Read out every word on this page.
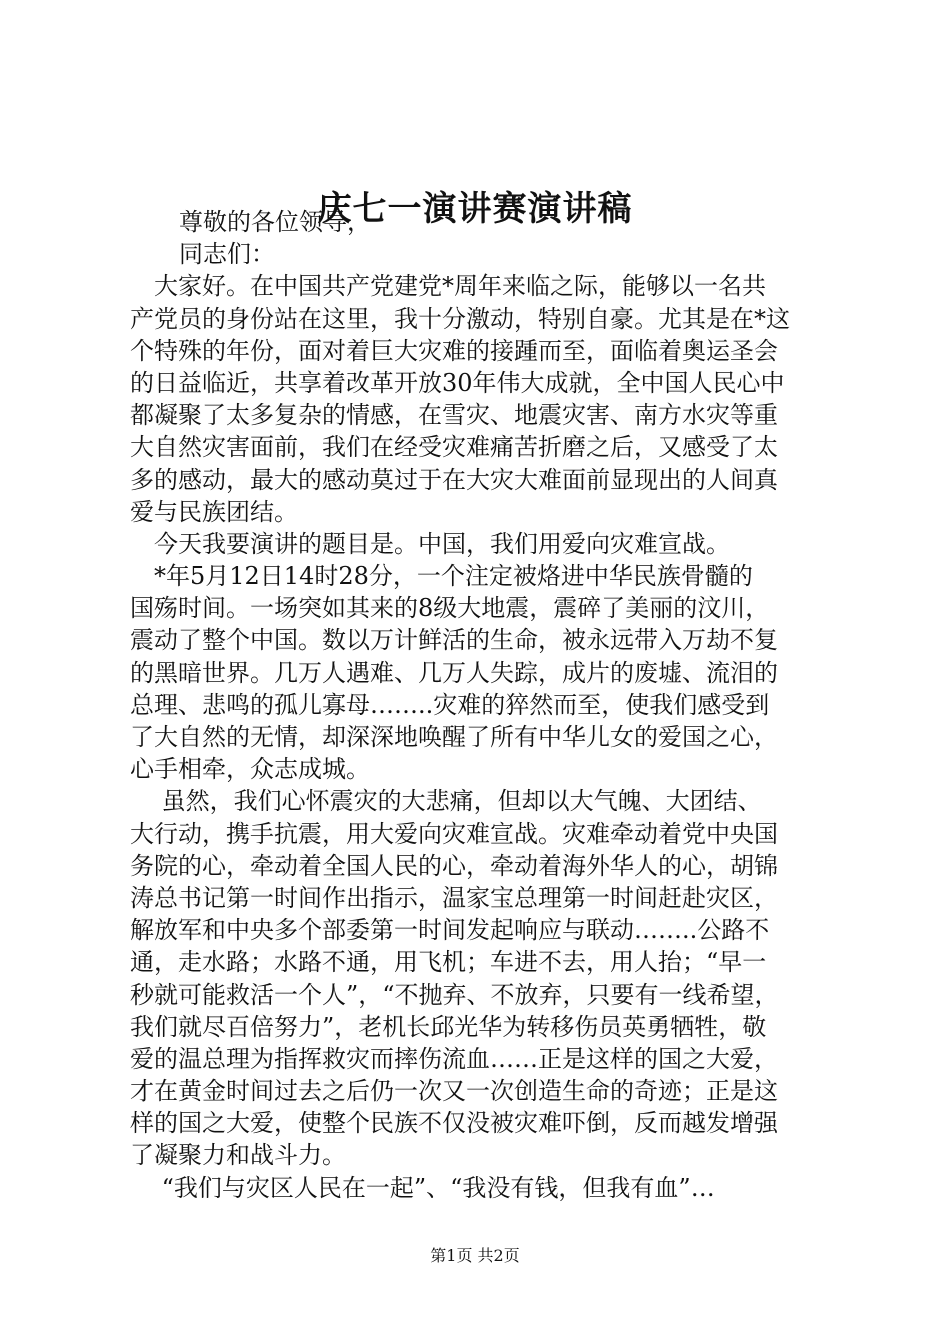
庆七一演讲赛演讲稿
尊敬的各位领导，
同志们：
　大家好。在中国共产党建党*周年来临之际，能够以一名共
产党员的身份站在这里，我十分激动，特别自豪。尤其是在*这
个特殊的年份，面对着巨大灾难的接踵而至，面临着奥运圣会
的日益临近，共享着改革开放30年伟大成就，全中国人民心中
都凝聚了太多复杂的情感，在雪灾、地震灾害、南方水灾等重
大自然灾害面前，我们在经受灾难痛苦折磨之后，又感受了太
多的感动，最大的感动莫过于在大灾大难面前显现出的人间真
爱与民族团结。
　今天我要演讲的题目是。中国，我们用爱向灾难宣战。
　*年5月12日14时28分，一个注定被烙进中华民族骨髓的
国殇时间。一场突如其来的8级大地震，震碎了美丽的汶川，
震动了整个中国。数以万计鲜活的生命，被永远带入万劫不复
的黑暗世界。几万人遇难、几万人失踪，成片的废墟、流泪的
总理、悲鸣的孤儿寡母……..灾难的猝然而至，使我们感受到
了大自然的无情，却深深地唤醒了所有中华儿女的爱国之心，
心手相牵，众志成城。
　 虽然，我们心怀震灾的大悲痛，但却以大气魄、大团结、
大行动，携手抗震，用大爱向灾难宣战。灾难牵动着党中央国
务院的心，牵动着全国人民的心，牵动着海外华人的心，胡锦
涛总书记第一时间作出指示，温家宝总理第一时间赶赴灾区，
解放军和中央多个部委第一时间发起响应与联动……..公路不
通，走水路；水路不通，用飞机；车进不去，用人抬；“早一
秒就可能救活一个人”，“不抛弃、不放弃，只要有一线希望，
我们就尽百倍努力”，老机长邱光华为转移伤员英勇牺牲，敬
爱的温总理为指挥救灾而摔伤流血……正是这样的国之大爱，
才在黄金时间过去之后仍一次又一次创造生命的奇迹；正是这
样的国之大爱，使整个民族不仅没被灾难吓倒，反而越发增强
了凝聚力和战斗力。
　 “我们与灾区人民在一起”、“我没有钱，但我有血”…
第1页 共2页
